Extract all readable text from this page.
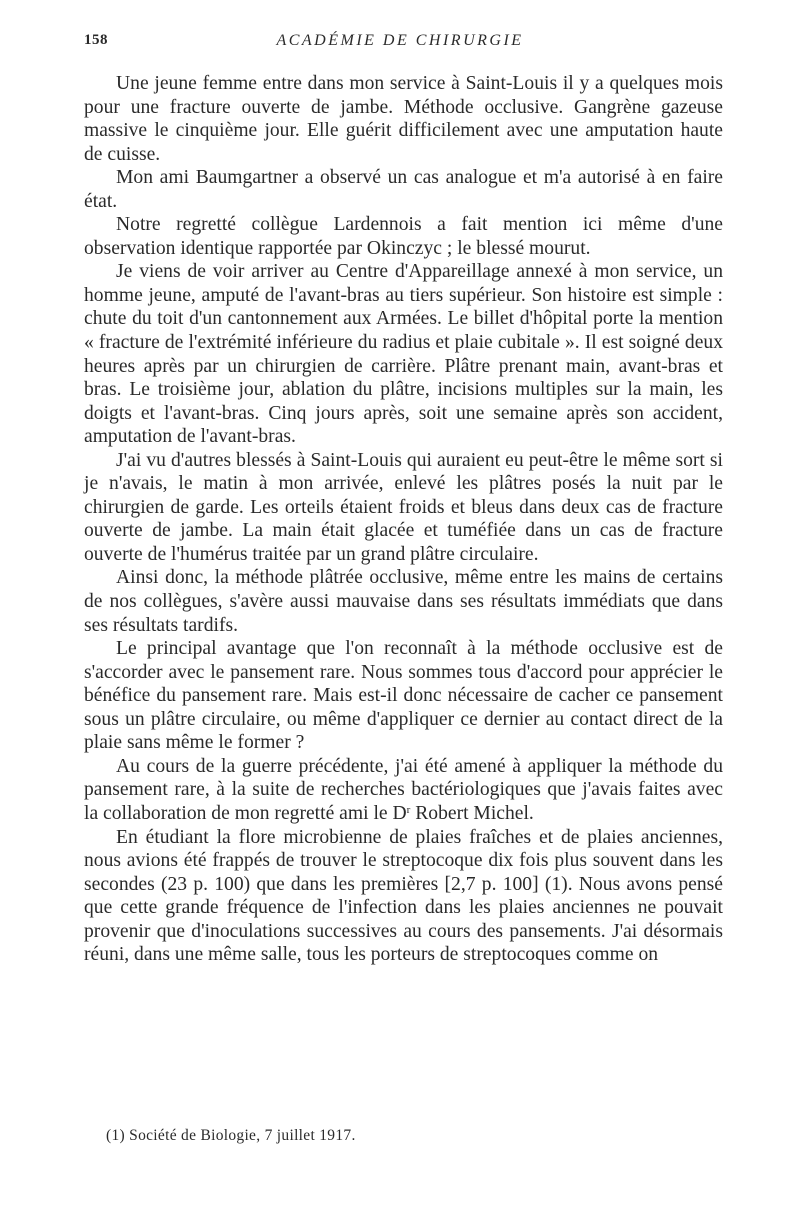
158	ACADÉMIE DE CHIRURGIE

Une jeune femme entre dans mon service à Saint-Louis il y a quelques mois pour une fracture ouverte de jambe. Méthode occlusive. Gangrène gazeuse massive le cinquième jour. Elle guérit difficilement avec une amputation haute de cuisse.

Mon ami Baumgartner a observé un cas analogue et m'a autorisé à en faire état.

Notre regretté collègue Lardennois a fait mention ici même d'une observation identique rapportée par Okinczyc ; le blessé mourut.

Je viens de voir arriver au Centre d'Appareillage annexé à mon service, un homme jeune, amputé de l'avant-bras au tiers supérieur. Son histoire est simple : chute du toit d'un cantonnement aux Armées. Le billet d'hôpital porte la mention « fracture de l'extrémité inférieure du radius et plaie cubitale ». Il est soigné deux heures après par un chirurgien de carrière. Plâtre prenant main, avant-bras et bras. Le troisième jour, ablation du plâtre, incisions multiples sur la main, les doigts et l'avant-bras. Cinq jours après, soit une semaine après son accident, amputation de l'avant-bras.

J'ai vu d'autres blessés à Saint-Louis qui auraient eu peut-être le même sort si je n'avais, le matin à mon arrivée, enlevé les plâtres posés la nuit par le chirurgien de garde. Les orteils étaient froids et bleus dans deux cas de fracture ouverte de jambe. La main était glacée et tuméfiée dans un cas de fracture ouverte de l'humérus traitée par un grand plâtre circulaire.

Ainsi donc, la méthode plâtrée occlusive, même entre les mains de certains de nos collègues, s'avère aussi mauvaise dans ses résultats immédiats que dans ses résultats tardifs.

Le principal avantage que l'on reconnaît à la méthode occlusive est de s'accorder avec le pansement rare. Nous sommes tous d'accord pour apprécier le bénéfice du pansement rare. Mais est-il donc nécessaire de cacher ce pansement sous un plâtre circulaire, ou même d'appliquer ce dernier au contact direct de la plaie sans même le former ?

Au cours de la guerre précédente, j'ai été amené à appliquer la méthode du pansement rare, à la suite de recherches bactériologiques que j'avais faites avec la collaboration de mon regretté ami le $D^r$ Robert Michel.

En étudiant la flore microbienne de plaies fraîches et de plaies anciennes, nous avions été frappés de trouver le streptocoque dix fois plus souvent dans les secondes (23 p. 100) que dans les premières [2,7 p. 100] (1). Nous avons pensé que cette grande fréquence de l'infection dans les plaies anciennes ne pouvait provenir que d'inoculations successives au cours des pansements. J'ai désormais réuni, dans une même salle, tous les porteurs de streptocoques comme on

(1) Société de Biologie, 7 juillet 1917.
